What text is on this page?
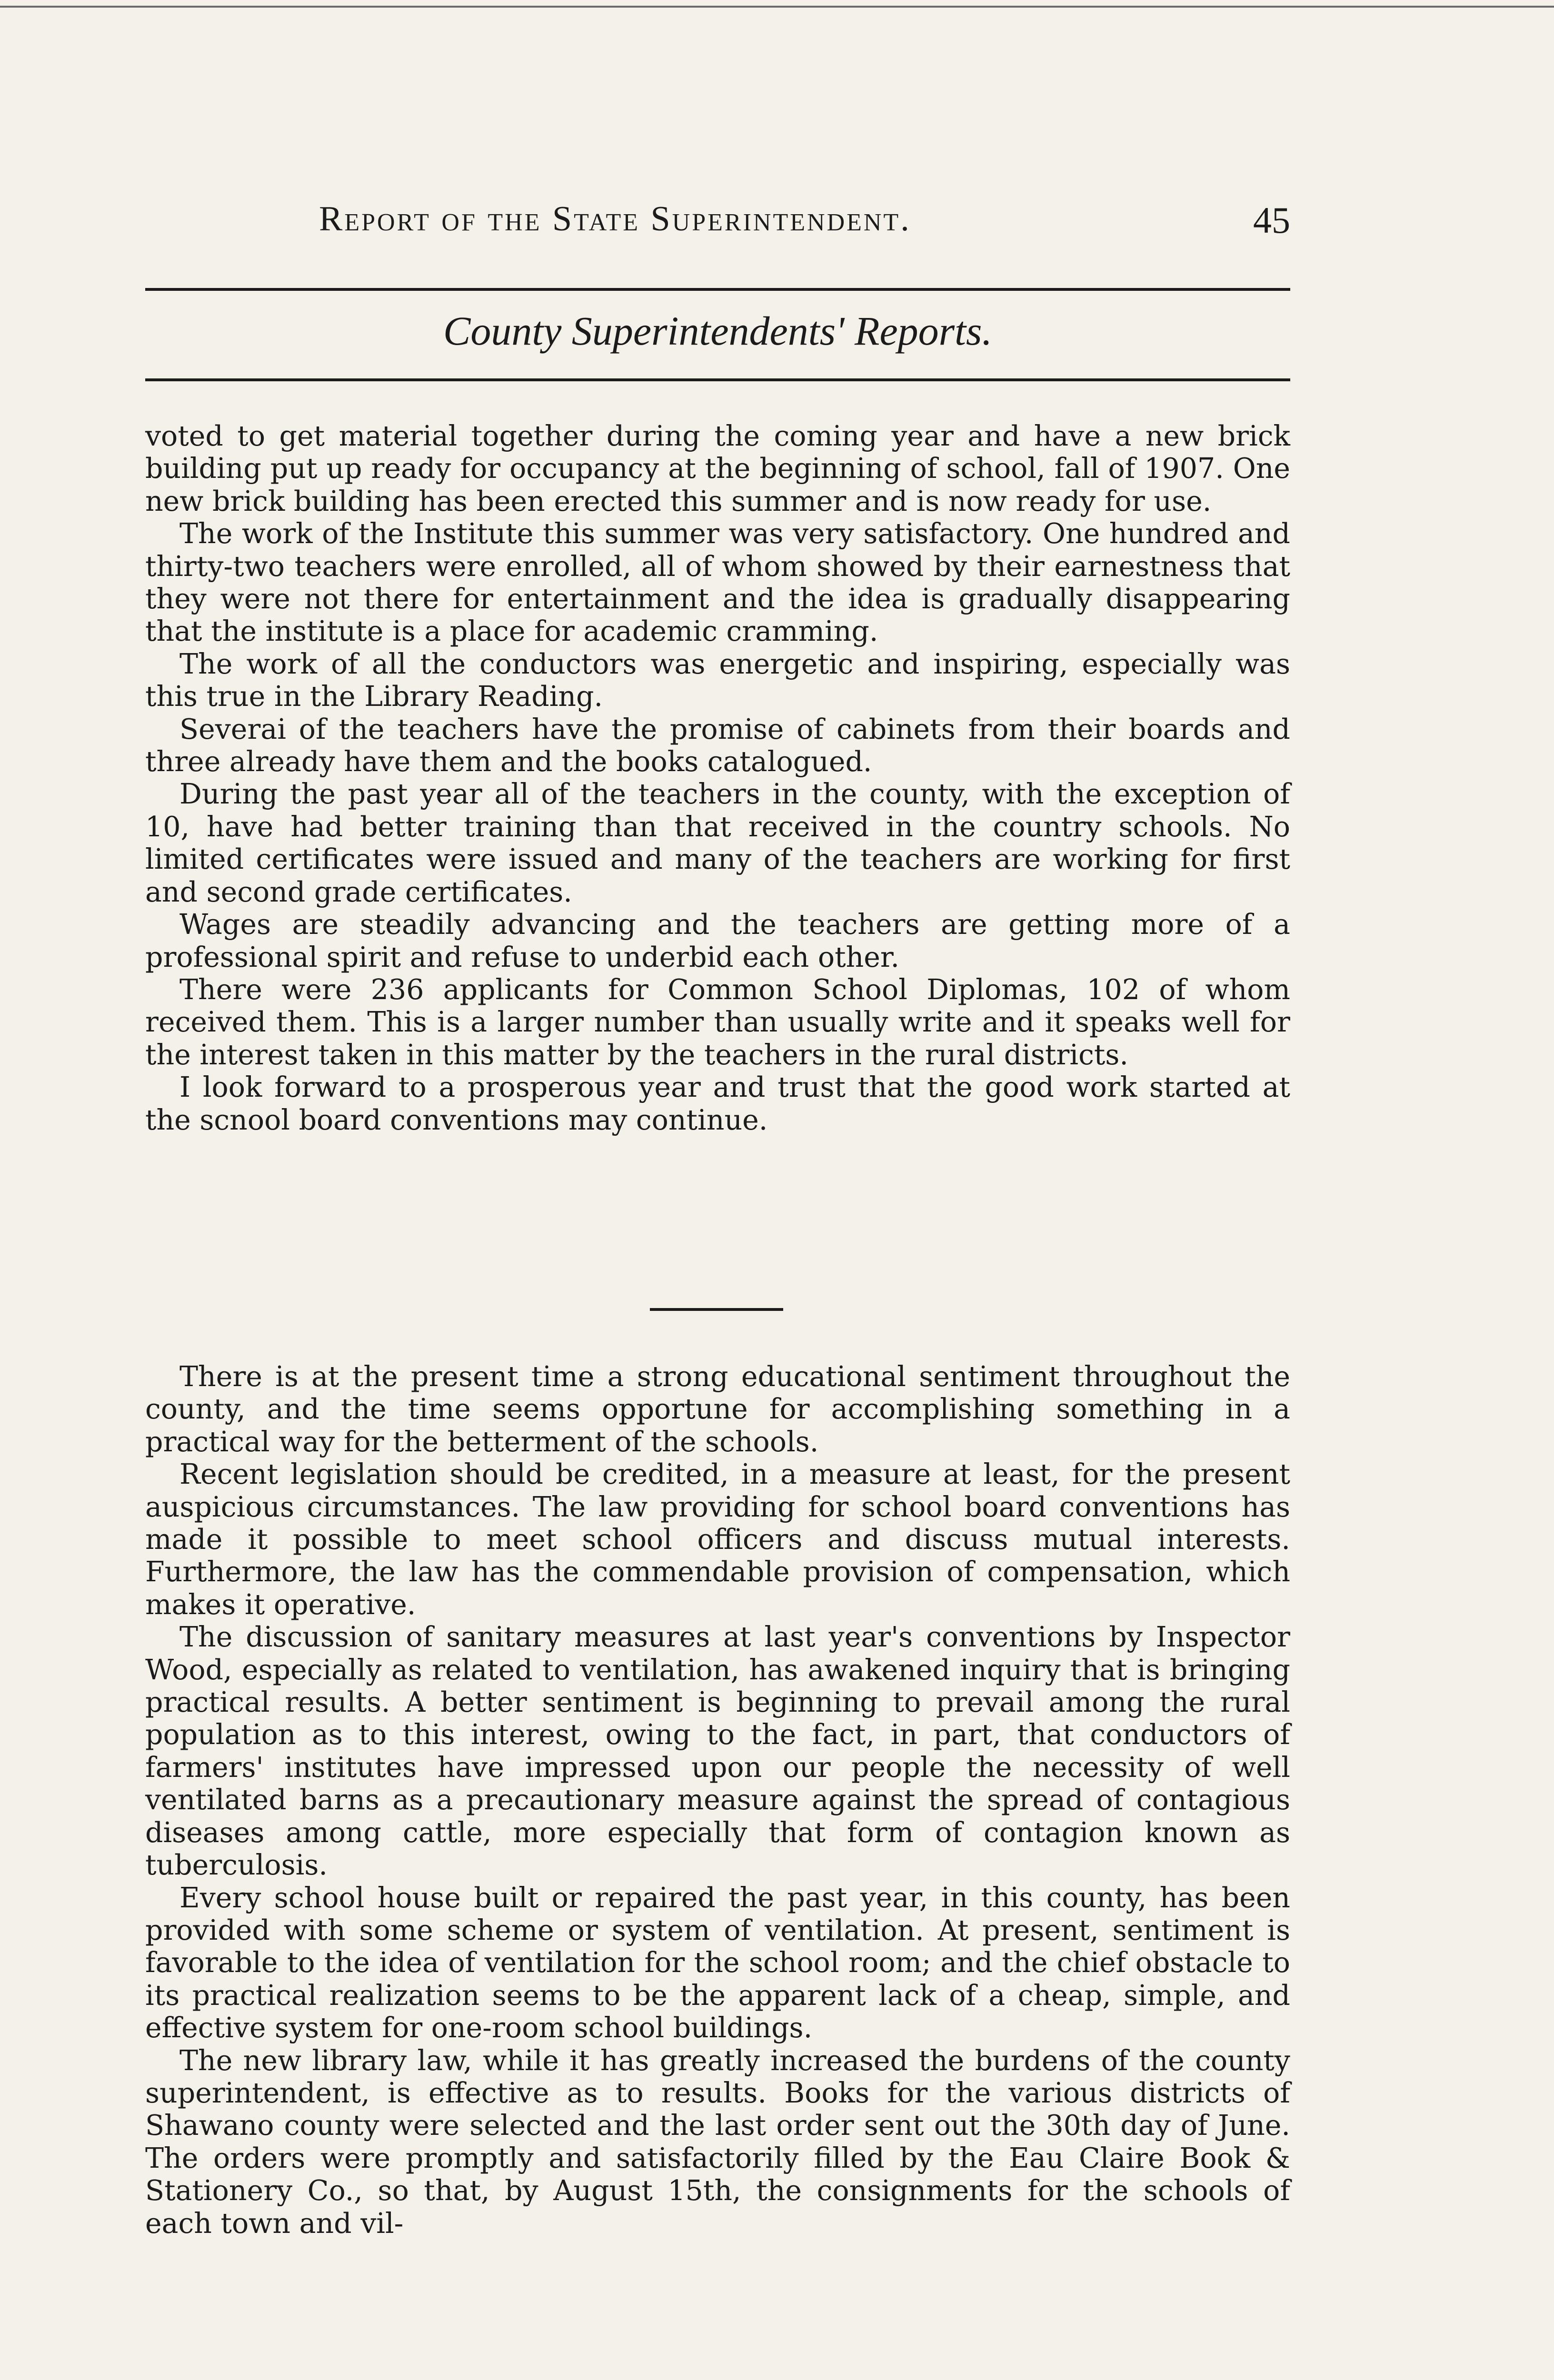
Report of the State Superintendent.	45
County Superintendents' Reports.

voted to get material together during the coming year and have a new brick building put up ready for occupancy at the beginning of school, fall of 1907. One new brick building has been erected this summer and is now ready for use.

The work of the Institute this summer was very satisfactory. One hundred and thirty-two teachers were enrolled, all of whom showed by their earnestness that they were not there for entertainment and the idea is gradually disappearing that the institute is a place for academic cramming.

The work of all the conductors was energetic and inspiring, especially was this true in the Library Reading.

Severai of the teachers have the promise of cabinets from their boards and three already have them and the books catalogued.

During the past year all of the teachers in the county, with the exception of 10, have had better training than that received in the country schools. No limited certificates were issued and many of the teachers are working for first and second grade certificates.

Wages are steadily advancing and the teachers are getting more of a professional spirit and refuse to underbid each other.

There were 236 applicants for Common School Diplomas, 102 of whom received them. This is a larger number than usually write and it speaks well for the interest taken in this matter by the teachers in the rural districts.

I look forward to a prosperous year and trust that the good work started at the scnool board conventions may continue.

There is at the present time a strong educational sentiment throughout the county, and the time seems opportune for accomplishing something in a practical way for the betterment of the schools.

Recent legislation should be credited, in a measure at least, for the present auspicious circumstances. The law providing for school board conventions has made it possible to meet school officers and discuss mutual interests. Furthermore, the law has the commendable provision of compensation, which makes it operative.

The discussion of sanitary measures at last year's conventions by Inspector Wood, especially as related to ventilation, has awakened inquiry that is bringing practical results. A better sentiment is beginning to prevail among the rural population as to this interest, owing to the fact, in part, that conductors of farmers' institutes have impressed upon our people the necessity of well ventilated barns as a precautionary measure against the spread of contagious diseases among cattle, more especially that form of contagion known as tuberculosis.

Every school house built or repaired the past year, in this county, has been provided with some scheme or system of ventilation. At present, sentiment is favorable to the idea of ventilation for the school room; and the chief obstacle to its practical realization seems to be the apparent lack of a cheap, simple, and effective system for one-room school buildings.

The new library law, while it has greatly increased the burdens of the county superintendent, is effective as to results. Books for the various districts of Shawano county were selected and the last order sent out the 30th day of June. The orders were promptly and satisfactorily filled by the Eau Claire Book & Stationery Co., so that, by August 15th, the consignments for the schools of each town and vil-
